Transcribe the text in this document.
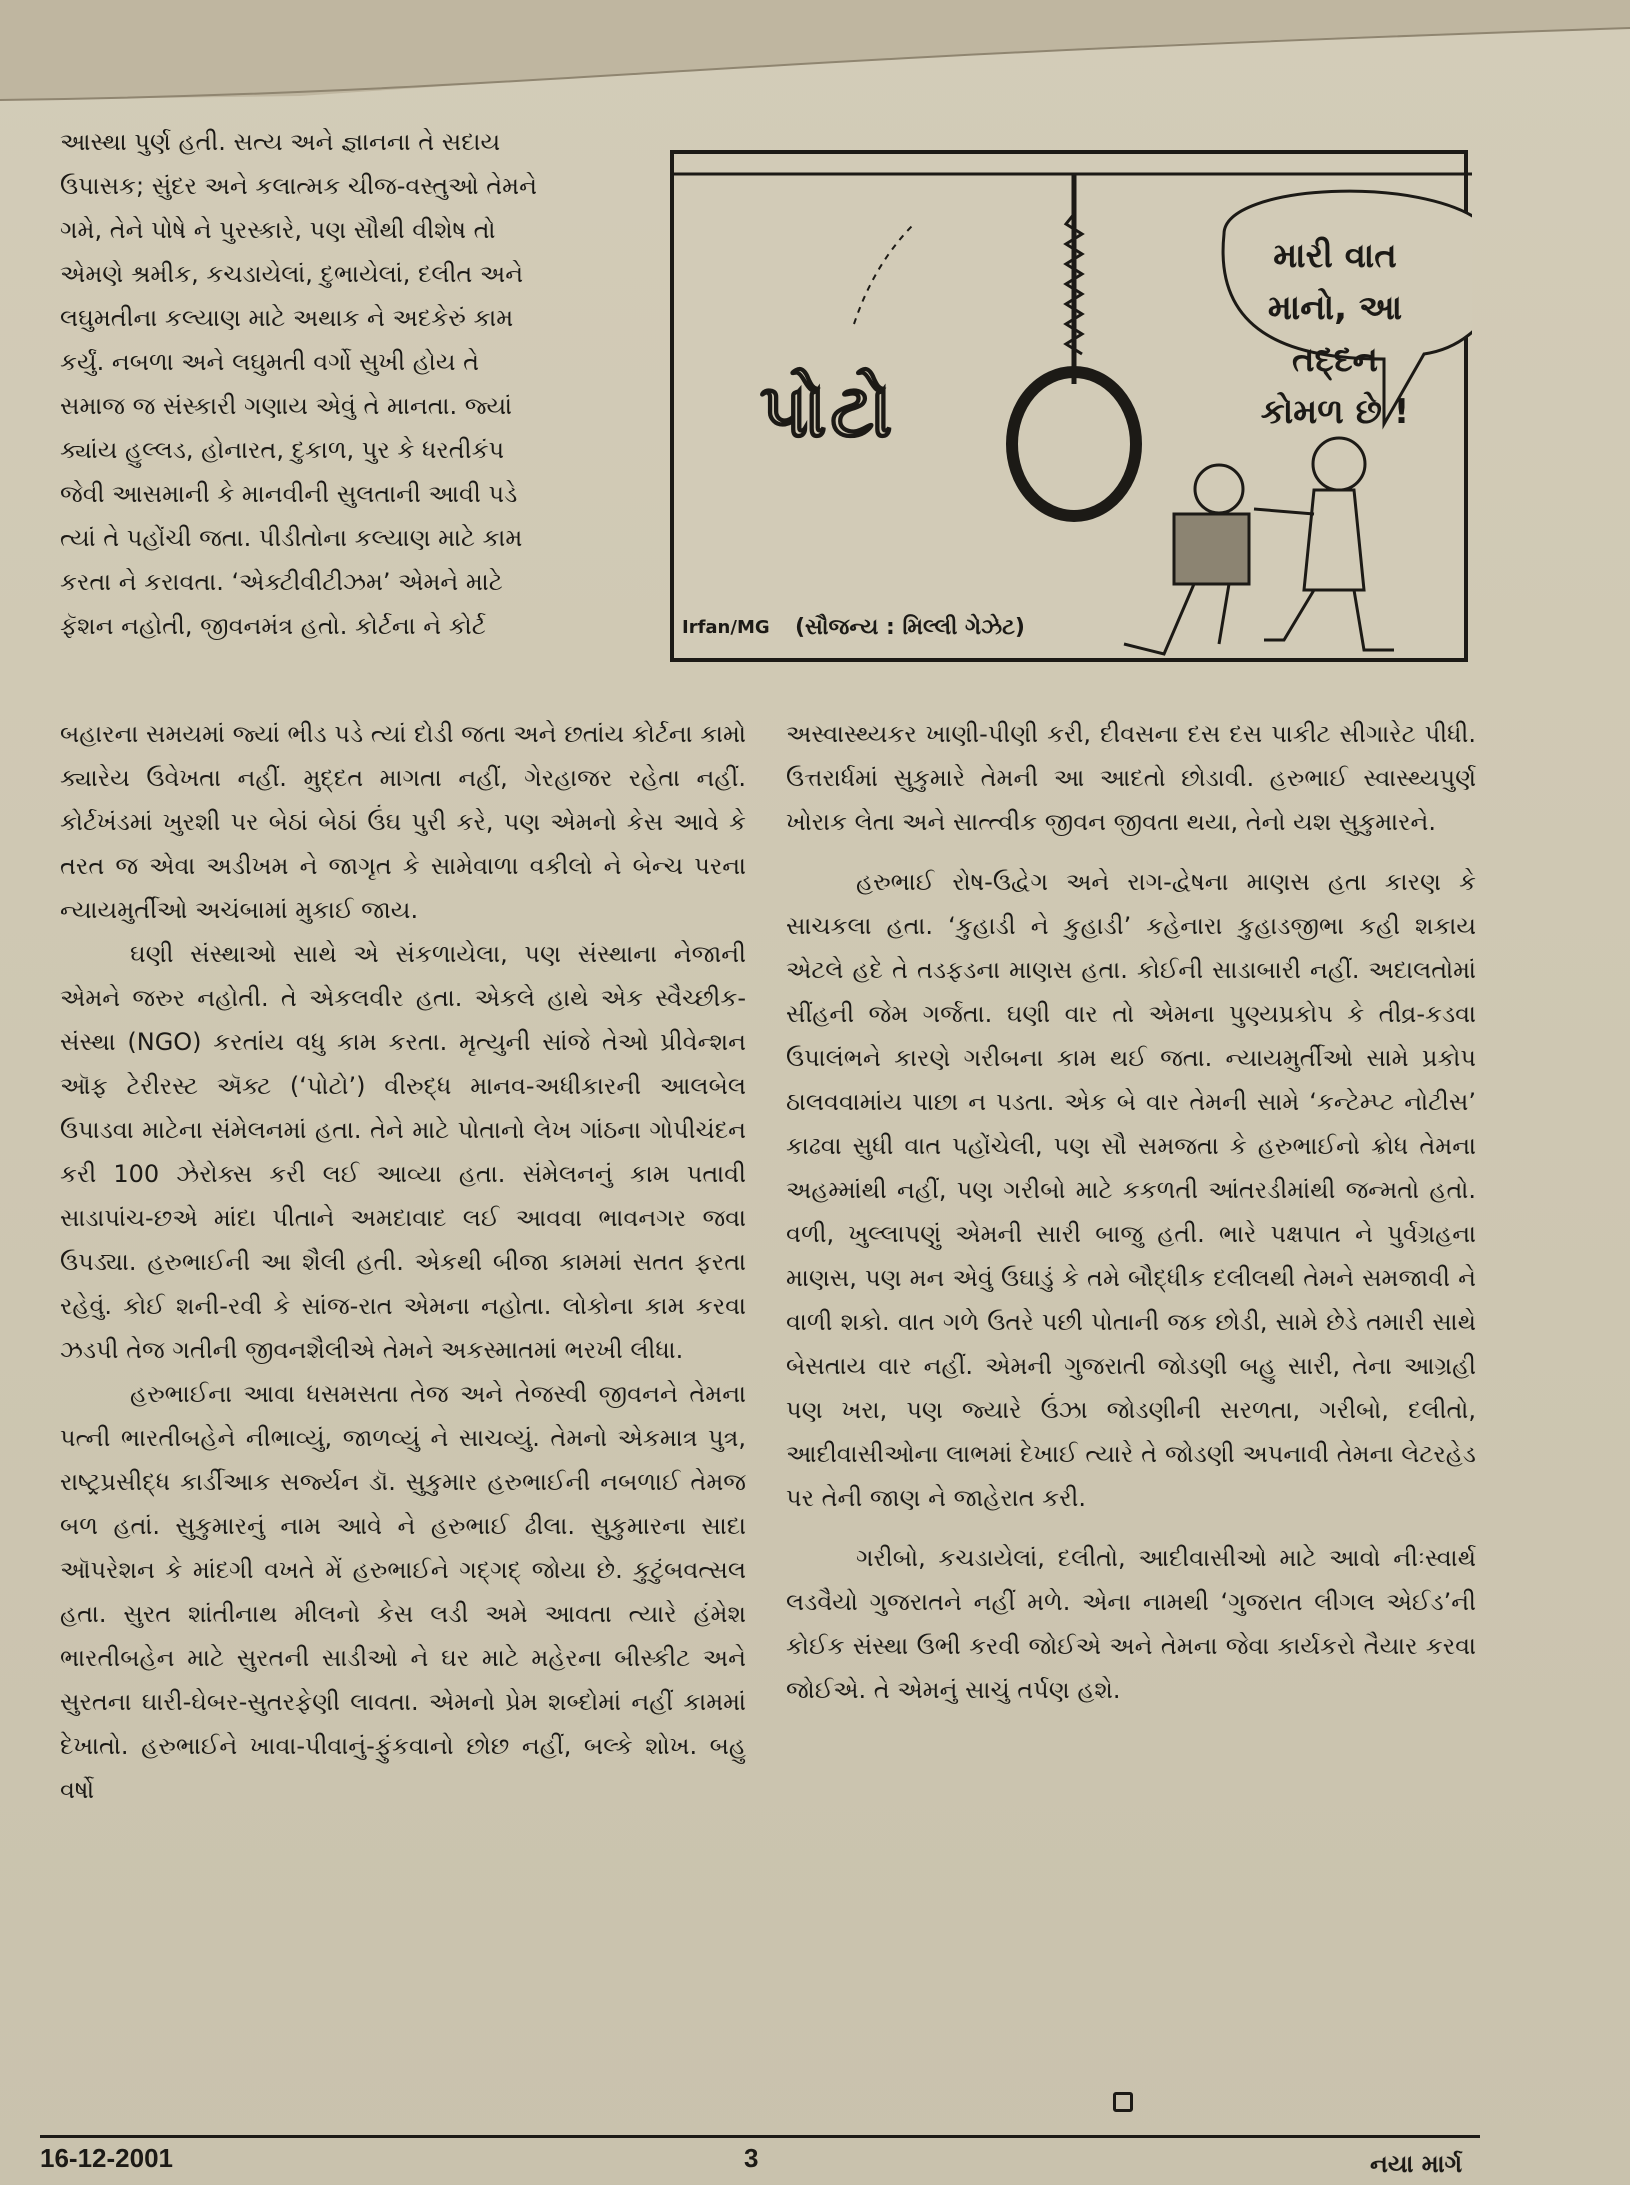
આસ્થા પુર્ણ હતી. સત્ય અને જ્ઞાનના તે સદાય
ઉપાસક; સુંદર અને કલાત્મક ચીજ-વસ્તુઓ તેમને
ગમે, તેને પોષે ને પુરસ્કારે, પણ સૌથી વીશેષ તો
એમણે શ્રમીક, કચડાયેલાં, દુભાયેલાં, દલીત અને
લઘુમતીના કલ્યાણ માટે અથાક ને અદકેરું કામ
કર્યું. નબળા અને લઘુમતી વર્ગો સુખી હોય તે
સમાજ જ સંસ્કારી ગણાય એવું તે માનતા. જ્યાં
ક્યાંય હુલ્લડ, હોનારત, દુકાળ, પુર કે ધરતીકંપ
જેવી આસમાની કે માનવીની સુલતાની આવી પડે
ત્યાં તે પહોંચી જતા. પીડીતોના કલ્યાણ માટે કામ
કરતા ને કરાવતા. ‘એક્ટીવીટીઝમ’ એમને માટે
ફૅશન નહોતી, જીવનમંત્ર હતો. કોર્ટના ને કોર્ટ

પોટો
મારી વાત
માનો, આ તદ્દન
કોમળ છે !
Irfan/MG (સૌજન્ય : મિલ્લી ગેઝેટ)

બહારના સમયમાં જ્યાં ભીડ પડે ત્યાં દોડી જતા અને છતાંય કોર્ટના કામો ક્યારેય ઉવેખતા નહીં. મુદ્દત માગતા નહીં, ગેરહાજર રહેતા નહીં. કોર્ટખંડમાં ખુરશી પર બેઠાં બેઠાં ઉંઘ પુરી કરે, પણ એમનો કેસ આવે કે તરત જ એવા અડીખમ ને જાગૃત કે સામેવાળા વકીલો ને બેન્ચ પરના ન્યાયમુર્તીઓ અચંબામાં મુકાઈ જાય.

ઘણી સંસ્થાઓ સાથે એ સંકળાયેલા, પણ સંસ્થાના નેજાની એમને જરુર નહોતી. તે એકલવીર હતા. એકલે હાથે એક સ્વૈચ્છીક-સંસ્થા (NGO) કરતાંય વધુ કામ કરતા. મૃત્યુની સાંજે તેઓ પ્રીવેન્શન ઑફ ટેરીરસ્ટ ઍક્ટ (‘પોટો’) વીરુદ્ધ માનવ-અધીકારની આલબેલ ઉપાડવા માટેના સંમેલનમાં હતા. તેને માટે પોતાનો લેખ ગાંઠના ગોપીચંદન કરી 100 ઝેરોક્સ કરી લઈ આવ્યા હતા. સંમેલનનું કામ પતાવી સાડાપાંચ-છએ માંદા પીતાને અમદાવાદ લઈ આવવા ભાવનગર જવા ઉપડ્યા. હરુભાઈની આ શૈલી હતી. એકથી બીજા કામમાં સતત ફરતા રહેવું. કોઈ શની-રવી કે સાંજ-રાત એમના નહોતા. લોકોના કામ કરવા ઝડપી તેજ ગતીની જીવનશૈલીએ તેમને અકસ્માતમાં ભરખી લીધા.

હરુભાઈના આવા ધસમસતા તેજ અને તેજસ્વી જીવનને તેમના પત્ની ભારતીબહેને નીભાવ્યું, જાળવ્યું ને સાચવ્યું. તેમનો એકમાત્ર પુત્ર, રાષ્ટ્રપ્રસીદ્ધ કાર્ડીઆક સર્જ્યન ડૉ. સુકુમાર હરુભાઈની નબળાઈ તેમજ બળ હતાં. સુકુમારનું નામ આવે ને હરુભાઈ ઢીલા. સુકુમારના સાદા ઑપરેશન કે માંદગી વખતે મેં હરુભાઈને ગદ્ગદ્ જોયા છે. કુટુંબવત્સલ હતા. સુરત શાંતીનાથ મીલનો કેસ લડી અમે આવતા ત્યારે હંમેશ ભારતીબહેન માટે સુરતની સાડીઓ ને ઘર માટે મહેરના બીસ્કીટ અને સુરતના ઘારી-ઘેબર-સુતરફેણી લાવતા. એમનો પ્રેમ શબ્દોમાં નહીં કામમાં દેખાતો. હરુભાઈને ખાવા-પીવાનું-ફુંકવાનો છોછ નહીં, બલ્કે શોખ. બહુ વર્ષો

અસ્વાસ્થ્યકર ખાણી-પીણી કરી, દીવસના દસ દસ પાકીટ સીગારેટ પીધી. ઉત્તરાર્ધમાં સુકુમારે તેમની આ આદતો છોડાવી. હરુભાઈ સ્વાસ્થ્યપુર્ણ ખોરાક લેતા અને સાત્ત્વીક જીવન જીવતા થયા, તેનો યશ સુકુમારને.

હરુભાઈ રોષ-ઉદ્વેગ અને રાગ-દ્વેષના માણસ હતા કારણ કે સાચકલા હતા. ‘કુહાડી ને કુહાડી’ કહેનારા કુહાડજીભા કહી શકાય એટલે હદે તે તડફડના માણસ હતા. કોઈની સાડાબારી નહીં. અદાલતોમાં સીંહની જેમ ગર્જતા. ઘણી વાર તો એમના પુણ્યપ્રકોપ કે તીવ્ર-કડવા ઉપાલંભને કારણે ગરીબના કામ થઈ જતા. ન્યાયમુર્તીઓ સામે પ્રકોપ ઠાલવવામાંય પાછા ન પડતા. એક બે વાર તેમની સામે ‘કન્ટેમ્પ્ટ નોટીસ’ કાઢવા સુધી વાત પહોંચેલી, પણ સૌ સમજતા કે હરુભાઈનો ક્રોધ તેમના અહમ્માંથી નહીં, પણ ગરીબો માટે કકળતી આંતરડીમાંથી જન્મતો હતો. વળી, ખુલ્લાપણું એમની સારી બાજુ હતી. ભારે પક્ષપાત ને પુર્વગ્રહના માણસ, પણ મન એવું ઉઘાડું કે તમે બૌદ્ધીક દલીલથી તેમને સમજાવી ને વાળી શકો. વાત ગળે ઉતરે પછી પોતાની જક છોડી, સામે છેડે તમારી સાથે બેસતાય વાર નહીં. એમની ગુજરાતી જોડણી બહુ સારી, તેના આગ્રહી પણ ખરા, પણ જ્યારે ઉંઝા જોડણીની સરળતા, ગરીબો, દલીતો, આદીવાસીઓના લાભમાં દેખાઈ ત્યારે તે જોડણી અપનાવી તેમના લેટરહેડ પર તેની જાણ ને જાહેરાત કરી.

ગરીબો, કચડાયેલાં, દલીતો, આદીવાસીઓ માટે આવો નીઃસ્વાર્થ લડવૈયો ગુજરાતને નહીં મળે. એના નામથી ‘ગુજરાત લીગલ એઈડ’ની કોઈક સંસ્થા ઉભી કરવી જોઈએ અને તેમના જેવા કાર્યકરો તૈયાર કરવા જોઈએ. તે એમનું સાચું તર્પણ હશે.

16-12-2001	3	નયા માર્ગ
